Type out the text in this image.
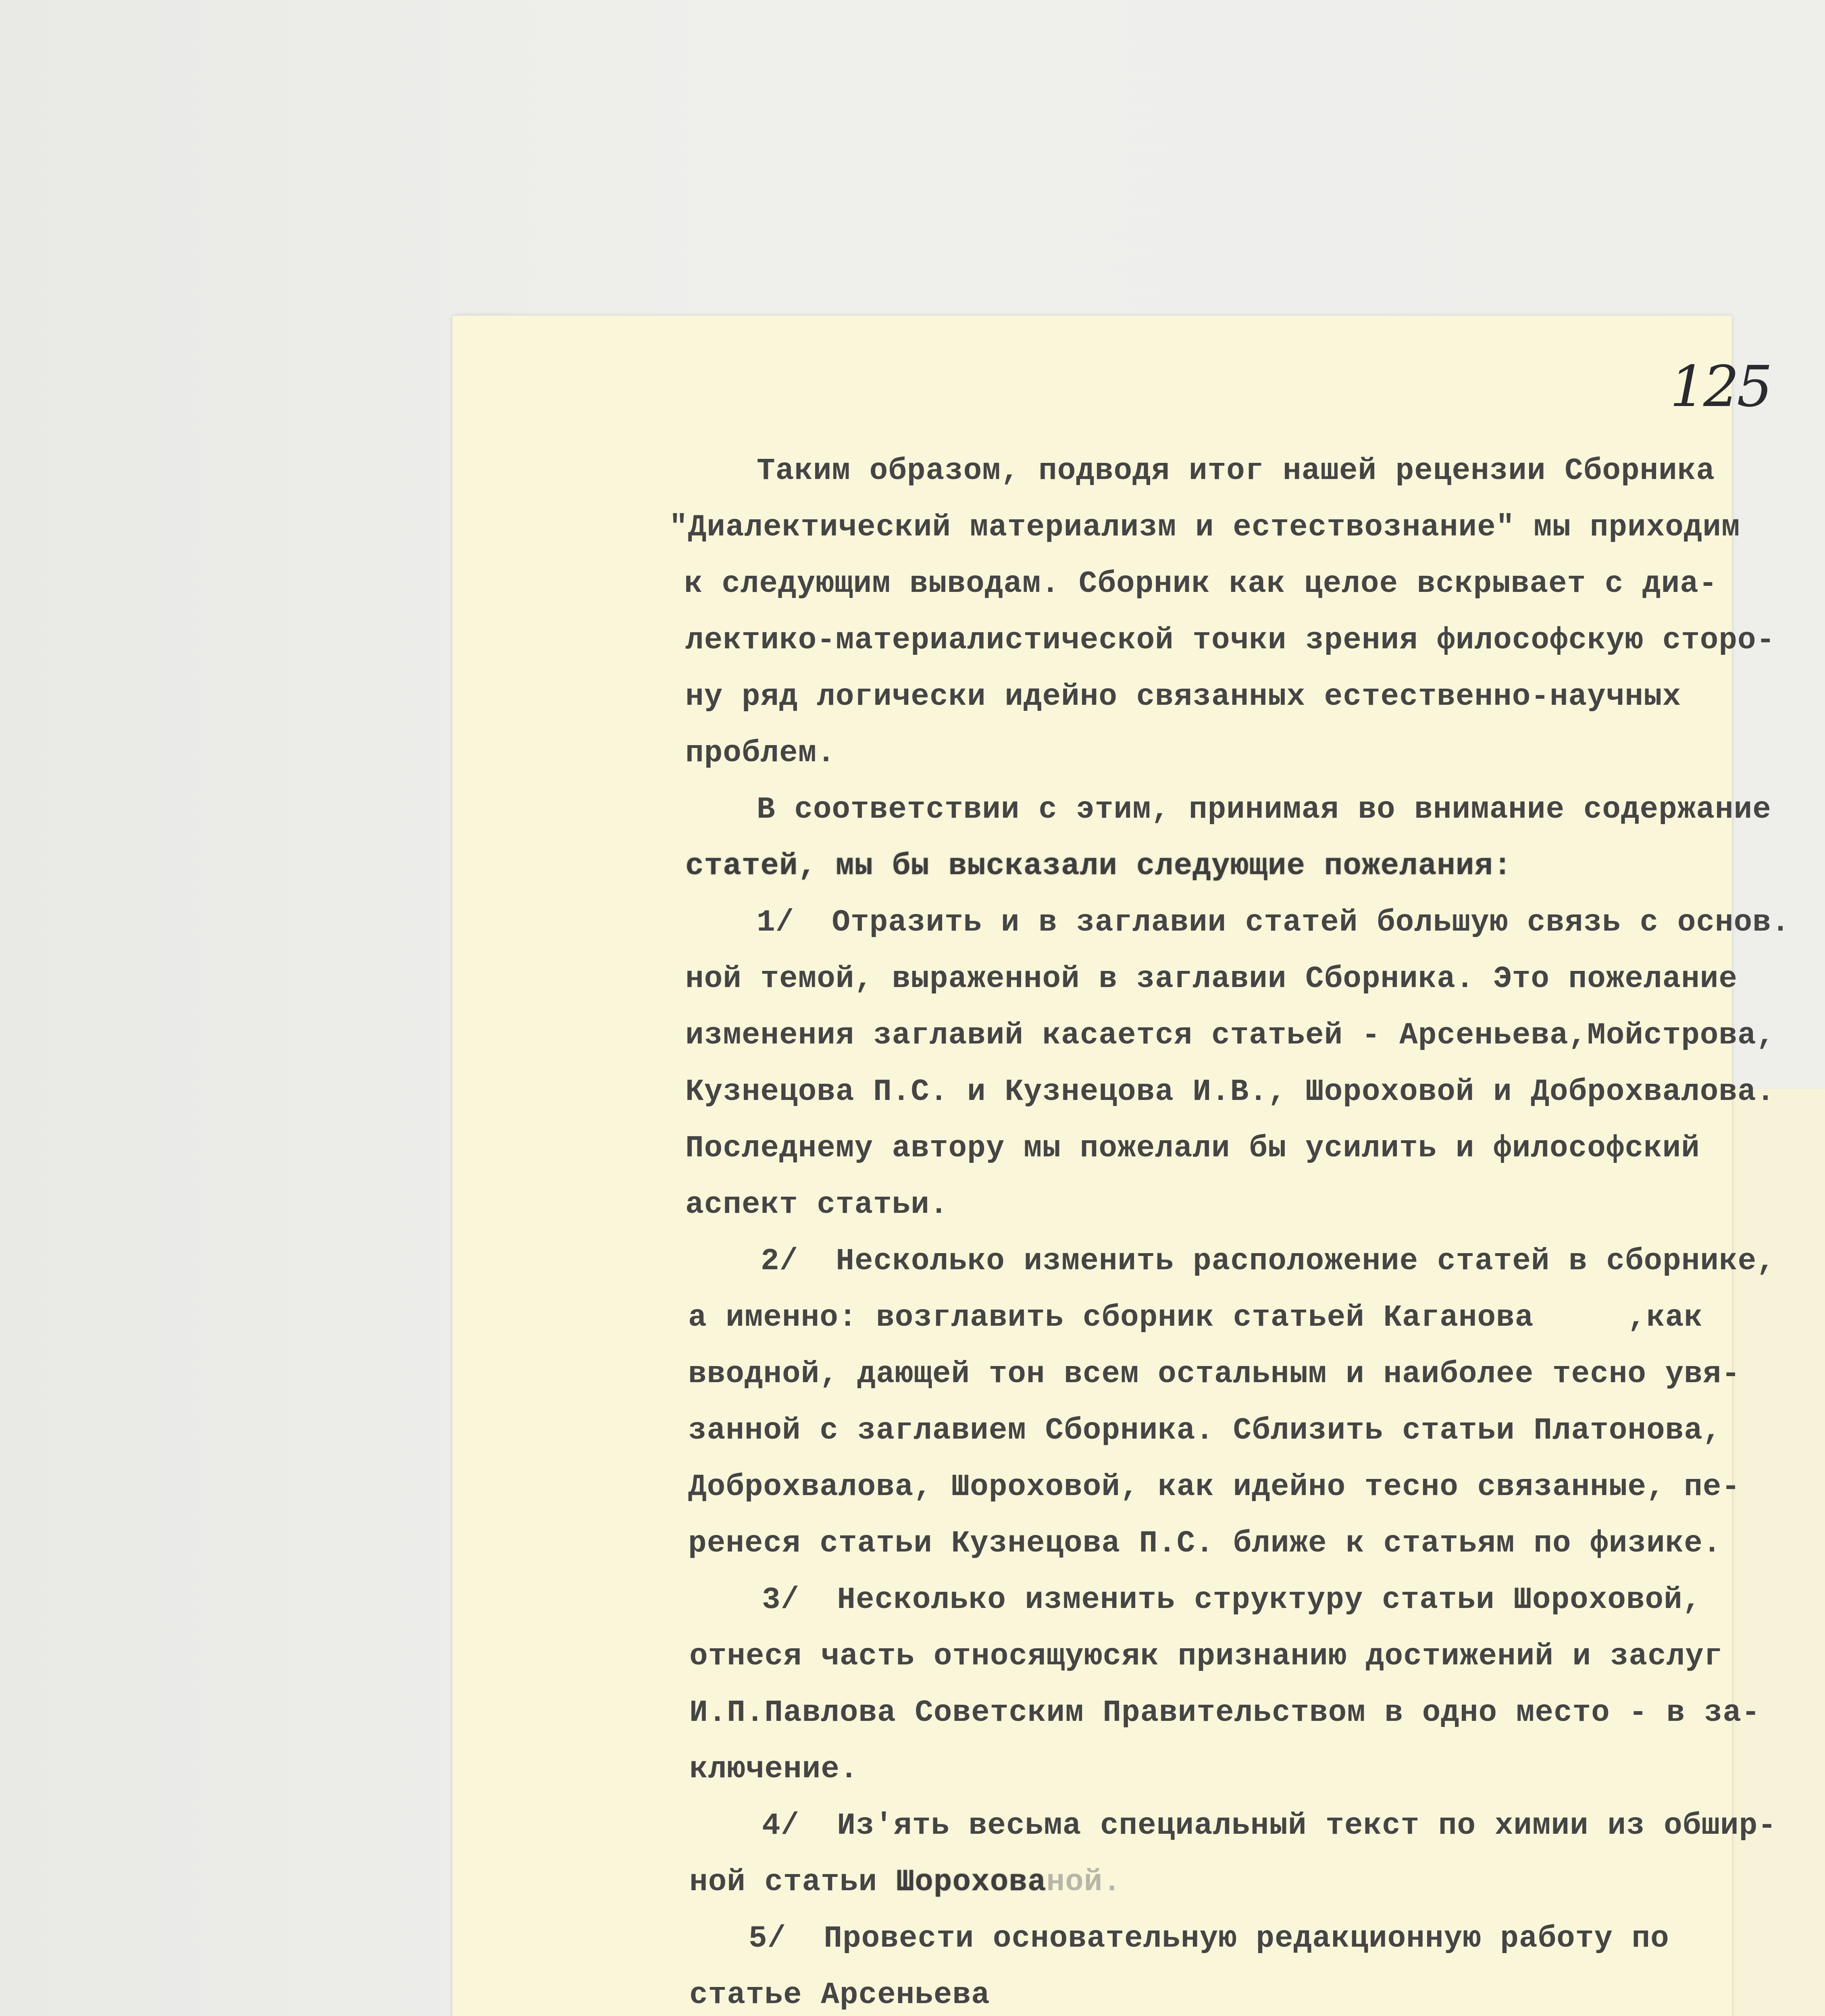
125

Таким образом, подводя итог нашей рецензии Сборника

"Диалектический материализм и естествознание" мы приходим

к следующим выводам. Сборник как целое вскрывает с диа-

лектико-материалистической точки зрения философскую сторо-

ну ряд логически идейно связанных естественно-научных

проблем.

В соответствии с этим, принимая во внимание содержание

статей, мы бы высказали следующие пожелания:

1/  Отразить и в заглавии статей большую связь с основ.

ной темой, выраженной в заглавии Сборника. Это пожелание

изменения заглавий касается статьей - Арсеньева,Мойстрова,

Кузнецова П.С. и Кузнецова И.В., Шороховой и Доброхвалова.

Последнему автору мы пожелали бы усилить и философский

аспект статьи.

2/  Несколько изменить расположение статей в сборнике,

а именно: возглавить сборник статьей Каганова     ,как

вводной, дающей тон всем остальным и наиболее тесно увя-

занной с заглавием Сборника. Сблизить статьи Платонова,

Доброхвалова, Шороховой, как идейно тесно связанные, пе-

ренеся статьи Кузнецова П.С. ближе к статьям по физике.

3/  Несколько изменить структуру статьи Шороховой,

отнеся часть относящуюсяк признанию достижений и заслуг

И.П.Павлова Советским Правительством в одно место - в за-

ключение.

4/  Из'ять весьма специальный текст по химии из обшир-

ной статьи Шорохованой.

5/  Провести основательную редакционную работу по

статье Арсеньева
